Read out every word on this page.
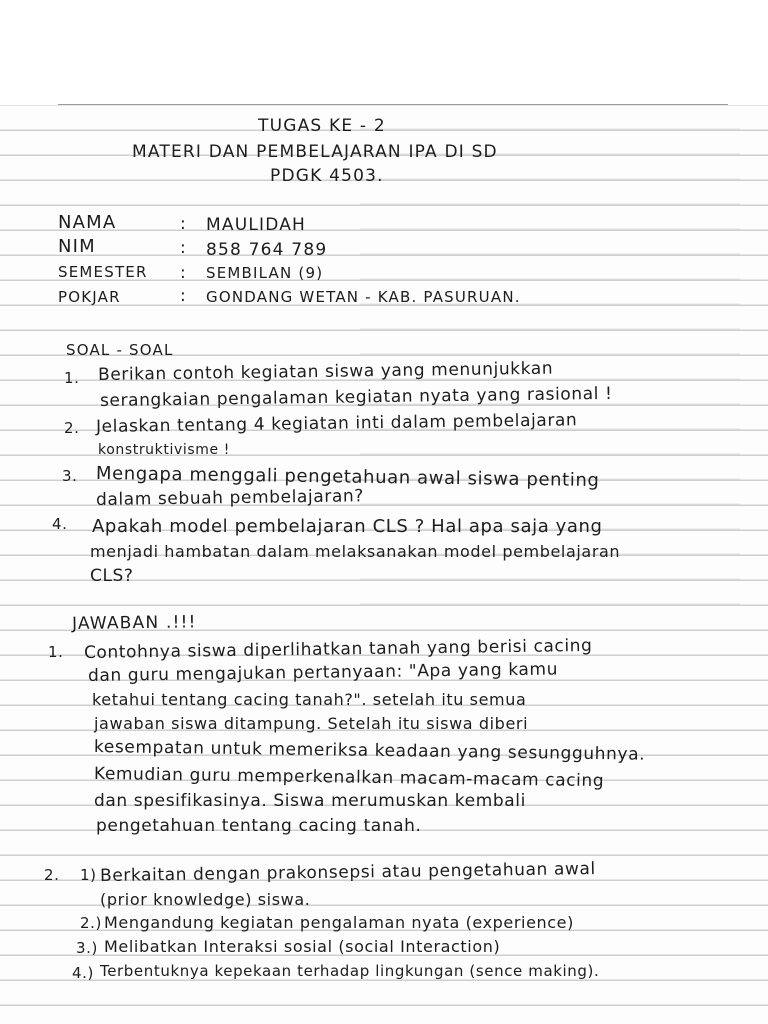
TUGAS KE - 2
MATERI DAN PEMBELAJARAN IPA DI SD
PDGK 4503.
NAMA	: MAULIDAH
NIM	: 858 764 789
SEMESTER : SEMBILAN (9)
POKJAR	: GONDANG WETAN - KAB. PASURUAN.
SOAL - SOAL
1. Berikan contoh kegiatan siswa yang menunjukkan
serangkaian pengalaman kegiatan nyata yang rasional !
2. Jelaskan tentang 4 kegiatan inti dalam pembelajaran
konstruktivisme !
3. Mengapa menggali pengetahuan awal siswa penting
dalam sebuah pembelajaran?
4. Apakah model pembelajaran CLS ? Hal apa saja yang
menjadi hambatan dalam melaksanakan model pembelajaran
CLS?
JAWABAN .!!!
1. Contohnya siswa diperlihatkan tanah yang berisi cacing
dan guru mengajukan pertanyaan: "Apa yang kamu
ketahui tentang cacing tanah?". setelah itu semua
jawaban siswa ditampung. Setelah itu siswa diberi
kesempatan untuk memeriksa keadaan yang sesungguhnya.
Kemudian guru memperkenalkan macam-macam cacing
dan spesifikasinya. Siswa merumuskan kembali
pengetahuan tentang cacing tanah.
2. 1) Berkaitan dengan prakonsepsi atau pengetahuan awal
(prior knowledge) siswa.
2.) Mengandung kegiatan pengalaman nyata (experience)
3.) Melibatkan Interaksi sosial (social Interaction)
4.) Terbentuknya kepekaan terhadap lingkungan (sence making).
